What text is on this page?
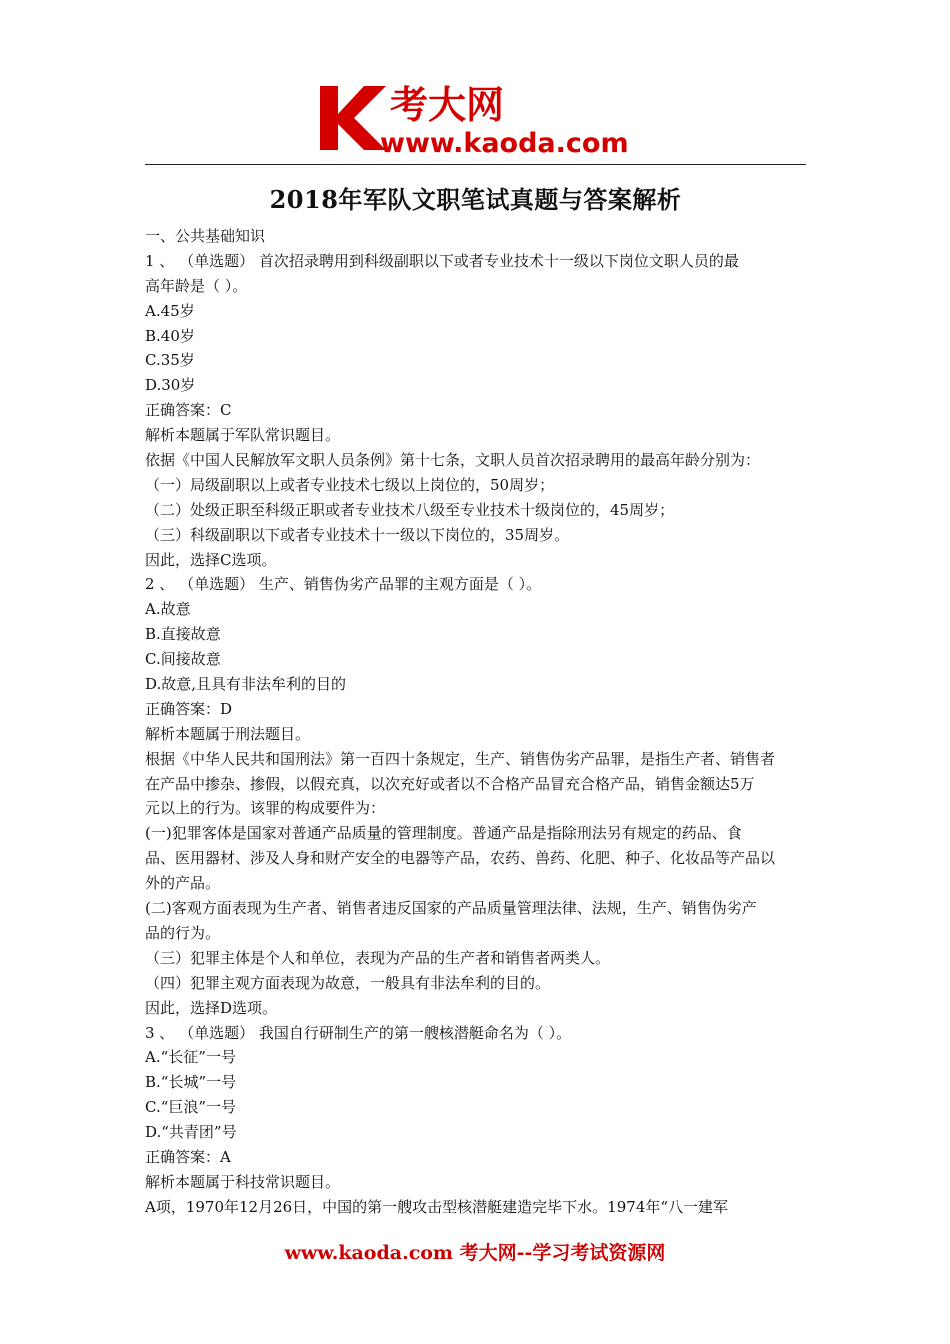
考大网
www.kaoda.com
2018年军队文职笔试真题与答案解析
一、公共基础知识
1 、 （单选题） 首次招录聘用到科级副职以下或者专业技术十一级以下岗位文职人员的最
高年龄是（ ）。
A.45岁
B.40岁
C.35岁
D.30岁
正确答案：C
解析本题属于军队常识题目。
依据《中国人民解放军文职人员条例》第十七条，文职人员首次招录聘用的最高年龄分别为：
（一）局级副职以上或者专业技术七级以上岗位的，50周岁；
（二）处级正职至科级正职或者专业技术八级至专业技术十级岗位的，45周岁；
（三）科级副职以下或者专业技术十一级以下岗位的，35周岁。
因此，选择C选项。
2 、 （单选题） 生产、销售伪劣产品罪的主观方面是（ ）。
A.故意
B.直接故意
C.间接故意
D.故意,且具有非法牟利的目的
正确答案：D
解析本题属于刑法题目。
根据《中华人民共和国刑法》第一百四十条规定，生产、销售伪劣产品罪，是指生产者、销售者
在产品中掺杂、掺假，以假充真，以次充好或者以不合格产品冒充合格产品，销售金额达5万
元以上的行为。该罪的构成要件为：
(一)犯罪客体是国家对普通产品质量的管理制度。普通产品是指除刑法另有规定的药品、食
品、医用器材、涉及人身和财产安全的电器等产品，农药、兽药、化肥、种子、化妆品等产品以
外的产品。
(二)客观方面表现为生产者、销售者违反国家的产品质量管理法律、法规，生产、销售伪劣产
品的行为。
（三）犯罪主体是个人和单位，表现为产品的生产者和销售者两类人。
（四）犯罪主观方面表现为故意，一般具有非法牟利的目的。
因此，选择D选项。
3 、 （单选题） 我国自行研制生产的第一艘核潜艇命名为（ ）。
A.“长征”一号
B.“长城”一号
C.“巨浪”一号
D.“共青团”号
正确答案：A
解析本题属于科技常识题目。
A项，1970年12月26日，中国的第一艘攻击型核潜艇建造完毕下水。1974年“八一建军
www.kaoda.com 考大网--学习考试资源网
